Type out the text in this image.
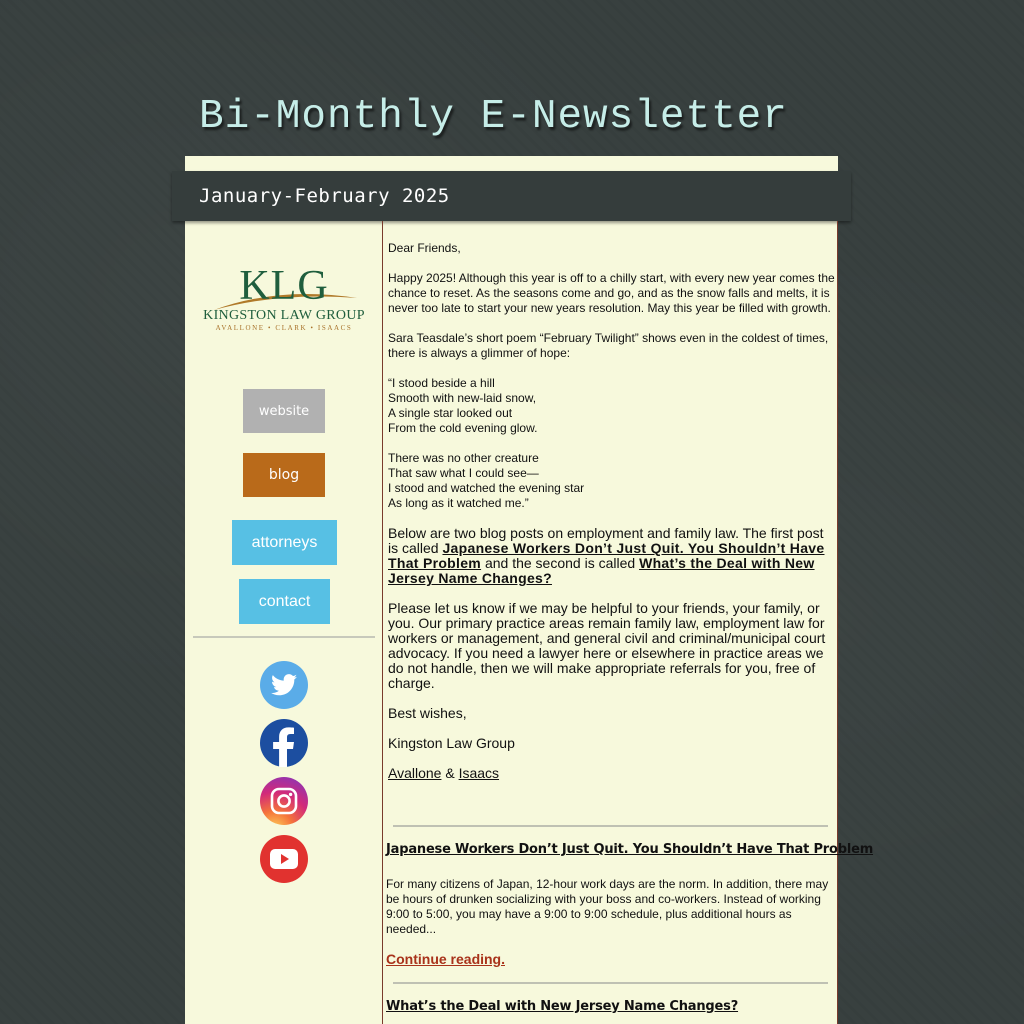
Bi-Monthly E-Newsletter
January-February 2025
KLG
KINGSTON LAW GROUP
AVALLONE • CLARK • ISAACS
website
blog
attorneys
contact

Dear Friends,

Happy 2025! Although this year is off to a chilly start, with every new year comes the chance to reset. As the seasons come and go, and as the snow falls and melts, it is never too late to start your new years resolution. May this year be filled with growth.

Sara Teasdale’s short poem “February Twilight” shows even in the coldest of times, there is always a glimmer of hope:

“I stood beside a hill
Smooth with new-laid snow,
A single star looked out
From the cold evening glow.

There was no other creature
That saw what I could see—
I stood and watched the evening star
As long as it watched me.”

Below are two blog posts on employment and family law. The first post is called Japanese Workers Don’t Just Quit. You Shouldn’t Have That Problem and the second is called What’s the Deal with New Jersey Name Changes?

Please let us know if we may be helpful to your friends, your family, or you. Our primary practice areas remain family law, employment law for workers or management, and general civil and criminal/municipal court advocacy. If you need a lawyer here or elsewhere in practice areas we do not handle, then we will make appropriate referrals for you, free of charge.

Best wishes,

Kingston Law Group

Avallone & Isaacs

Japanese Workers Don’t Just Quit. You Shouldn’t Have That Problem
For many citizens of Japan, 12-hour work days are the norm. In addition, there may be hours of drunken socializing with your boss and co-workers. Instead of working 9:00 to 5:00, you may have a 9:00 to 9:00 schedule, plus additional hours as needed...
Continue reading.
What’s the Deal with New Jersey Name Changes?
